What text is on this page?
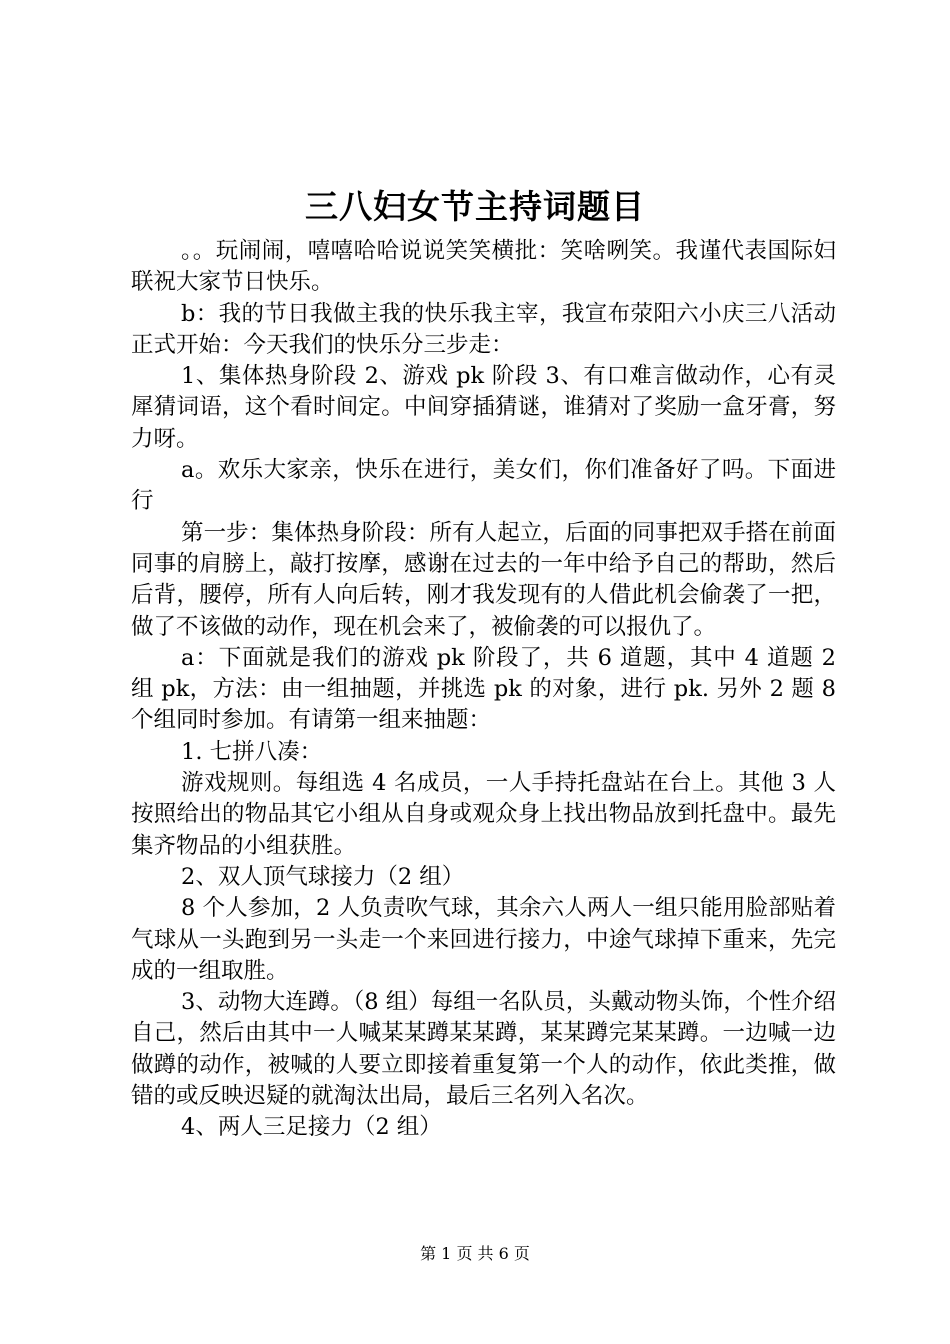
三八妇女节主持词题目

。。玩闹闹，嘻嘻哈哈说说笑笑横批：笑啥咧笑。我谨代表国际妇联祝大家节日快乐。

b：我的节日我做主我的快乐我主宰，我宣布荥阳六小庆三八活动正式开始：今天我们的快乐分三步走：

1、集体热身阶段 2、游戏 pk 阶段 3、有口难言做动作，心有灵犀猜词语，这个看时间定。中间穿插猜谜，谁猜对了奖励一盒牙膏，努力呀。

a。欢乐大家亲，快乐在进行，美女们，你们准备好了吗。下面进行

第一步：集体热身阶段：所有人起立，后面的同事把双手搭在前面同事的肩膀上，敲打按摩，感谢在过去的一年中给予自己的帮助，然后后背，腰停，所有人向后转，刚才我发现有的人借此机会偷袭了一把，做了不该做的动作，现在机会来了，被偷袭的可以报仇了。

a：下面就是我们的游戏 pk 阶段了，共 6 道题，其中 4 道题 2 组 pk，方法：由一组抽题，并挑选 pk 的对象，进行 pk. 另外 2 题 8 个组同时参加。有请第一组来抽题：

1. 七拼八凑：

游戏规则。每组选 4 名成员，一人手持托盘站在台上。其他 3 人按照给出的物品其它小组从自身或观众身上找出物品放到托盘中。最先集齐物品的小组获胜。

2、双人顶气球接力（2 组）

8 个人参加，2 人负责吹气球，其余六人两人一组只能用脸部贴着气球从一头跑到另一头走一个来回进行接力，中途气球掉下重来，先完成的一组取胜。

3、动物大连蹲。（8 组）每组一名队员，头戴动物头饰，个性介绍自己，然后由其中一人喊某某蹲某某蹲，某某蹲完某某蹲。一边喊一边做蹲的动作，被喊的人要立即接着重复第一个人的动作，依此类推，做错的或反映迟疑的就淘汰出局，最后三名列入名次。

4、两人三足接力（2 组）

第 1 页 共 6 页
